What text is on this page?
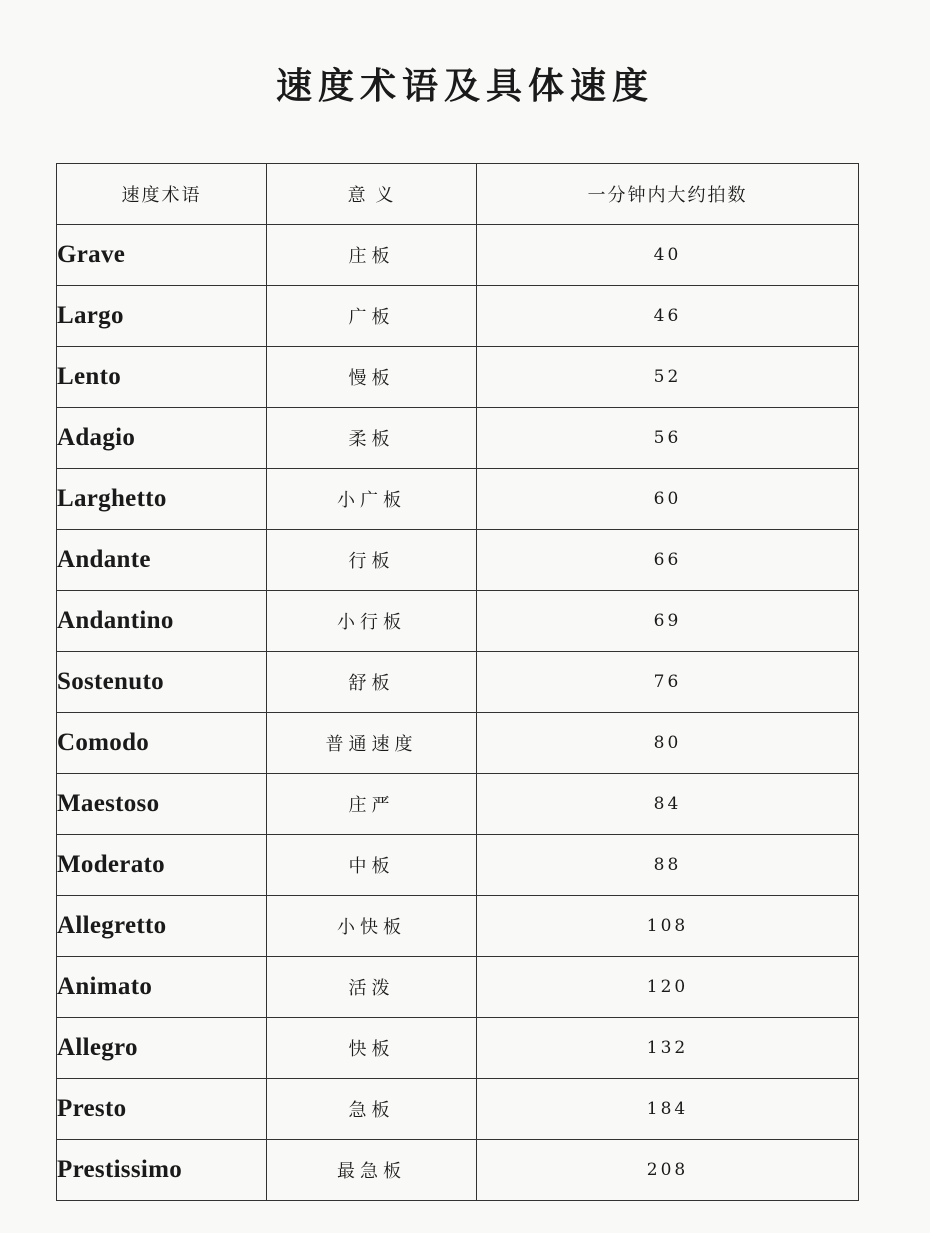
速度术语及具体速度
速度术语	意 义	一分钟内大约拍数
Grave	庄板	40
Largo	广板	46
Lento	慢板	52
Adagio	柔板	56
Larghetto	小广板	60
Andante	行板	66
Andantino	小行板	69
Sostenuto	舒板	76
Comodo	普通速度	80
Maestoso	庄严	84
Moderato	中板	88
Allegretto	小快板	108
Animato	活泼	120
Allegro	快板	132
Presto	急板	184
Prestissimo	最急板	208
